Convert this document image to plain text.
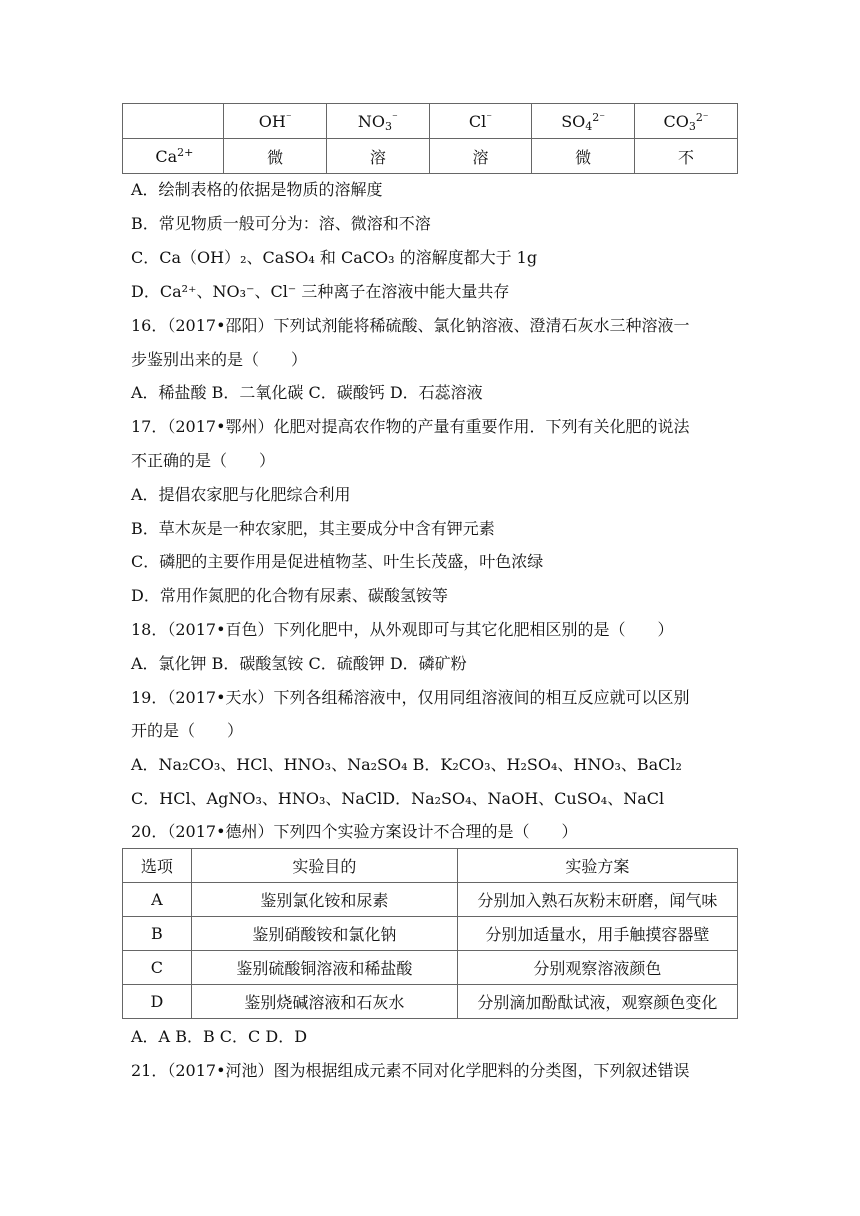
	OH⁻	$NO_3^{^-}$	Cl⁻	$SO_4^{2^-}$	$CO_3^{2^-}$
$Ca^{2+}$	微	溶	溶	微	不
A．绘制表格的依据是物质的溶解度
B．常见物质一般可分为：溶、微溶和不溶
C．Ca（OH）₂、CaSO₄ 和 CaCO₃ 的溶解度都大于 1g
D．Ca²⁺、NO₃⁻、Cl⁻ 三种离子在溶液中能大量共存
16．（2017•邵阳）下列试剂能将稀硫酸、氯化钠溶液、澄清石灰水三种溶液一
步鉴别出来的是（　　）
A．稀盐酸 B．二氧化碳 C．碳酸钙 D．石蕊溶液
17．（2017•鄂州）化肥对提高农作物的产量有重要作用．下列有关化肥的说法
不正确的是（　　）
A．提倡农家肥与化肥综合利用
B．草木灰是一种农家肥，其主要成分中含有钾元素
C．磷肥的主要作用是促进植物茎、叶生长茂盛，叶色浓绿
D．常用作氮肥的化合物有尿素、碳酸氢铵等
18．（2017•百色）下列化肥中，从外观即可与其它化肥相区别的是（　　）
A．氯化钾 B．碳酸氢铵 C．硫酸钾 D．磷矿粉
19．（2017•天水）下列各组稀溶液中，仅用同组溶液间的相互反应就可以区别
开的是（　　）
A．Na₂CO₃、HCl、HNO₃、Na₂SO₄ B．K₂CO₃、H₂SO₄、HNO₃、BaCl₂
C．HCl、AgNO₃、HNO₃、NaClD．Na₂SO₄、NaOH、CuSO₄、NaCl
20．（2017•德州）下列四个实验方案设计不合理的是（　　）
选项	实验目的	实验方案
A	鉴别氯化铵和尿素	分别加入熟石灰粉末研磨，闻气味
B	鉴别硝酸铵和氯化钠	分别加适量水，用手触摸容器壁
C	鉴别硫酸铜溶液和稀盐酸	分别观察溶液颜色
D	鉴别烧碱溶液和石灰水	分别滴加酚酞试液，观察颜色变化
A．A B．B C．C D．D
21．（2017•河池）图为根据组成元素不同对化学肥料的分类图，下列叙述错误
